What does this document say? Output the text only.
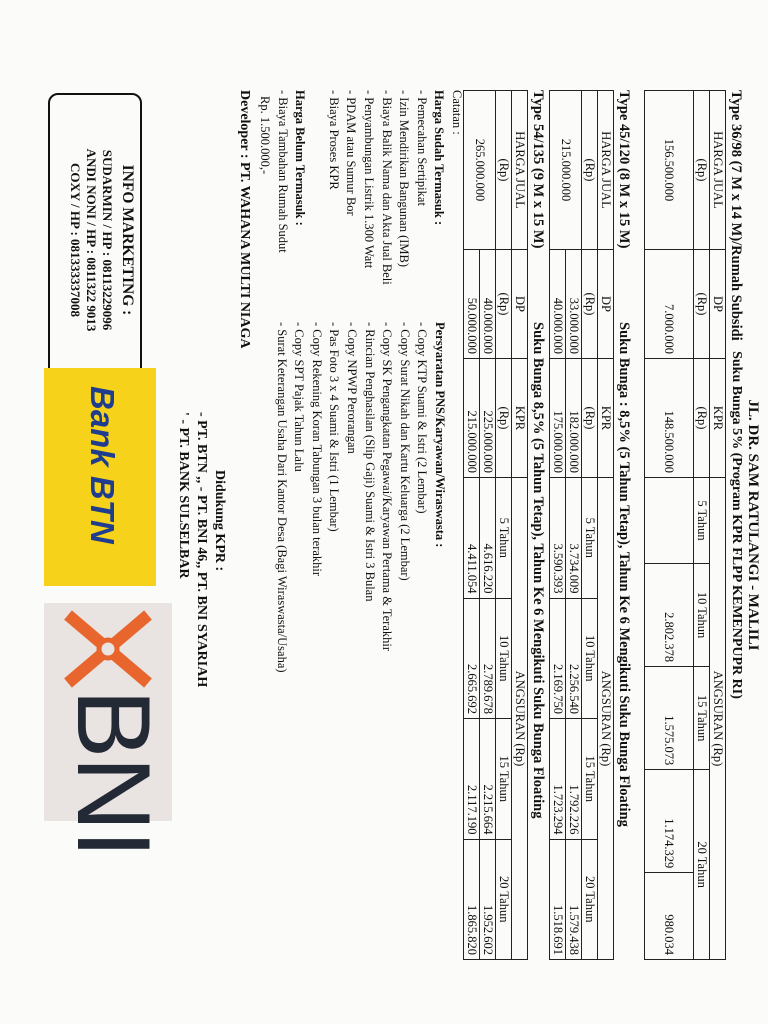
JL. DR. SAM RATULANGI - MALILI
Suku Bunga 5% (Program KPR FLPP KEMENPUPR RI)
Type 36/98 (7 M x 14 M)/Rumah Subsidi
HARGA JUAL	DP	KPR	ANGSURAN (Rp)				
(Rp)	(Rp)	(Rp)	5 Tahun	10 Tahun	15 Tahun	20 Tahun	
156.500.000	7.000.000	148.500.000		2.802.378	1.575.073	1.174.329	980.034
Type 45/120 (8 M x 15 M)
Suku Bunga : 8,5% (5 Tahun Tetap), Tahun Ke 6 Mengikuti Suku Bunga Floating
HARGA JUAL	DP	KPR	ANGSURAN (Rp)			
(Rp)	(Rp)	(Rp)	5 Tahun	10 Tahun	15 Tahun	20 Tahun
215.000.000	33.000.000	182.000.000	3.734.009	2.256.540	1.792.226	1.579.438
	40.000.000	175.000.000	3.590.393	2.169.750	1.723.294	1.518.691
Type 54/135 (9 M x 15 M)
Suku Bunga 8,5% (5 Tahun Tetap), Tahun Ke 6 Mengikuti Suku Bunga Floating
HARGA JUAL	DP	KPR	ANGSURAN (Rp)			
(Rp)	(Rp)	(Rp)	5 Tahun	10 Tahun	15 Tahun	20 Tahun
265.000.000	40.000.000	225.000.000	4.616.220	2.789.678	2.215.664	1.952.602
	50.000.000	215.000.000	4.411.054	2.665.692	2.117.190	1.865.820
Catatan :
Harga Sudah Termasuk :
- Pemecahan Sertipikat
- Izin Mendirikan Bangunan (IMB)
- Biaya Balik Nama dan Akta Jual Beli
- Penyambungan Listrik 1.300 Watt
- PDAM atau Sumur Bor
- Biaya Proses KPR
Harga Belum Termasuk :
- Biaya Tambahan Rumah Sudut
Rp. 1.500.000,-
Developer : PT. WAHANA MULTI NIAGA
Persyaratan PNS/Karyawan/Wiraswasta :
- Copy KTP Suami & Istri (2 Lembar)
- Copy Surat Nikah dan Kartu Keluarga (2 Lembar)
- Copy SK Pengangkatan Pegawai/Karyawan Pertama & Terakhir
- Rincian Penghasilan (Slip Gaji) Suami & Istri 3 Bulan
- Copy NPWP Perorangan
- Pas Foto 3 x 4 Suami & Istri (1 Lembar)
- Copy Rekening Koran Tabungan 3 bulan terakhir
- Copy SPT Pajak Tahun Lalu
- Surat Keterangan Usaha Dari Kantor Desa (Bagi Wiraswasta/Usaha)
Didukung KPR :
- PT. BTN ,, - PT. BNI 46,, PT. BNI SYARIAH
' - PT. BANK SULSELBAR
INFO MARKETING :
SUDARMIN / HP : 08113229096
ANDI NONI / HP : 0811322 9013
COXY / HP : 081333337008
Bank BTN
BNI
